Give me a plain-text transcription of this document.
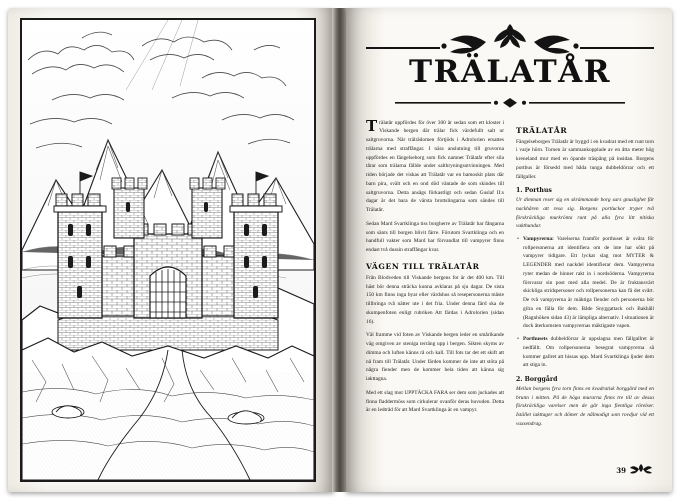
TRÄLATÅR

Trälatår uppfördes för över 300 år sedan som ett kloster i Viskande bergen där trälar fick värdefullt salt ur saltgruvorna. När trälrädomen förtjöds i Adrolorien ersattes trälarna med straffångar. I nära anslutning till gruvorna uppfördes en fängelseborg som fick namnet Trälatår efter sila tårar som trälarna fällde under salthryningsutvinningen. Med tiden började det viskas att Trälatår var en bamoskit plats där barn pira, svält och en ond död väntade de som skindes till saltgruvorna. Detta ansågs förkastligt och sedan Guslaf II:s dagar är det bara de värsta brottslingarna som sändes till Trälatår.

Sedan Mard Svartklinga tiss borgherre av Trälatår har fångarna som sänts till borgen blivit färre. Förutom Svartklinga och en handfull vakter som Mard har förvandlat till vampyrer finns endast två dussin straffångar kvar.

VÄGEN TILL TRÄLATÅR

Från Blodveden till Viskande bergens fot är det 400 km. Till häst bör denna sträcka kunna avklaras på sju dagar. De sista 150 km finns inga byar eller värdshus så resepersonerna måste tillbringa två nätter ute i det fria. Under denna färd ska de skumpenfoten enligt rubriken Att färdas i Adrolorien (sidan 16).

Väl framme vid foten av Viskande bergen leder en smårikande väg omgiven av steniga terräng upp i bergen. Sikten skyms av dimma och luften känns rå och kall. Till fots tar det ett skift att nå fram till Trälatår. Under färden kommer de inte att stöta på några fiender men de kommer hela tiden att känna sig iakttagna.

Med ett slag mot UPPTÄCKA FARA ser dem som juckades att finna fladdermöss som cirkulerar ovanför deras huvuden. Detta är en ledtråd för att Mard Svartklinga är en vampyr.

TRÄLATÅR

Fängelseborgen Trälatår är byggd i en kvadrat med ett runt torn i varje hörn. Tornen är sammankopplade av en åtta meter hög kreneland mur med en öpande träspång på insidan. Borgens portbus är försedd med båda tunga dubbeldörrar och ett fällgaller.

1. Porthus

Ur dimman reser sig en skrämmande borg sars gnuslighet får nackhåren att resa sig. Borgens portluckor tryper två förskräckliga murkrönta runt på alla fyra litt nitiska vakthundar.

• Vampyrerna: Varelserna framför porthuset är svåra för rollpersonerna att identifiera om de inte har sökt på vampyrer tidigare. Ett lyckat slag mot MYTER & LEGENDER med nackdel identifierar dem. Vampyrerna ryter medan de hinner rakt in i nordsöderna. Vampyrerna försvarar sin post med alla medel. De är fruktansvärt skickliga stridspersoner och rollpersonerna kan få det svårt. De två vampyrerna är mäktiga fiender och personerna bör gilra en fälla för dem. Både Snyggattack och Bakhåll (Ragnhöken sidan 43) är lämpliga alternativ. I situationen är dock återkomsten vampyrernas mäktigaste vapen.
• Porthusets dubbeldörrar är uppslagna men fällgallret är nedfällt. Om rollpersonerna besegrat vampyrerna så kommer gallret att hissas upp. Mard Svartklinga ljuder dem att stiga in.
2. Borggård

Mellan borgens fyra torn finns en kvadratisk borggård med en brunn i mitten. På de höga murarna finns tre till av dessa förskräckliga varelser men de går inga fientliga rörelser. Istället iakttager och dömer de nålmodigt som rovdjur vid ett vaxsendrag.

39
